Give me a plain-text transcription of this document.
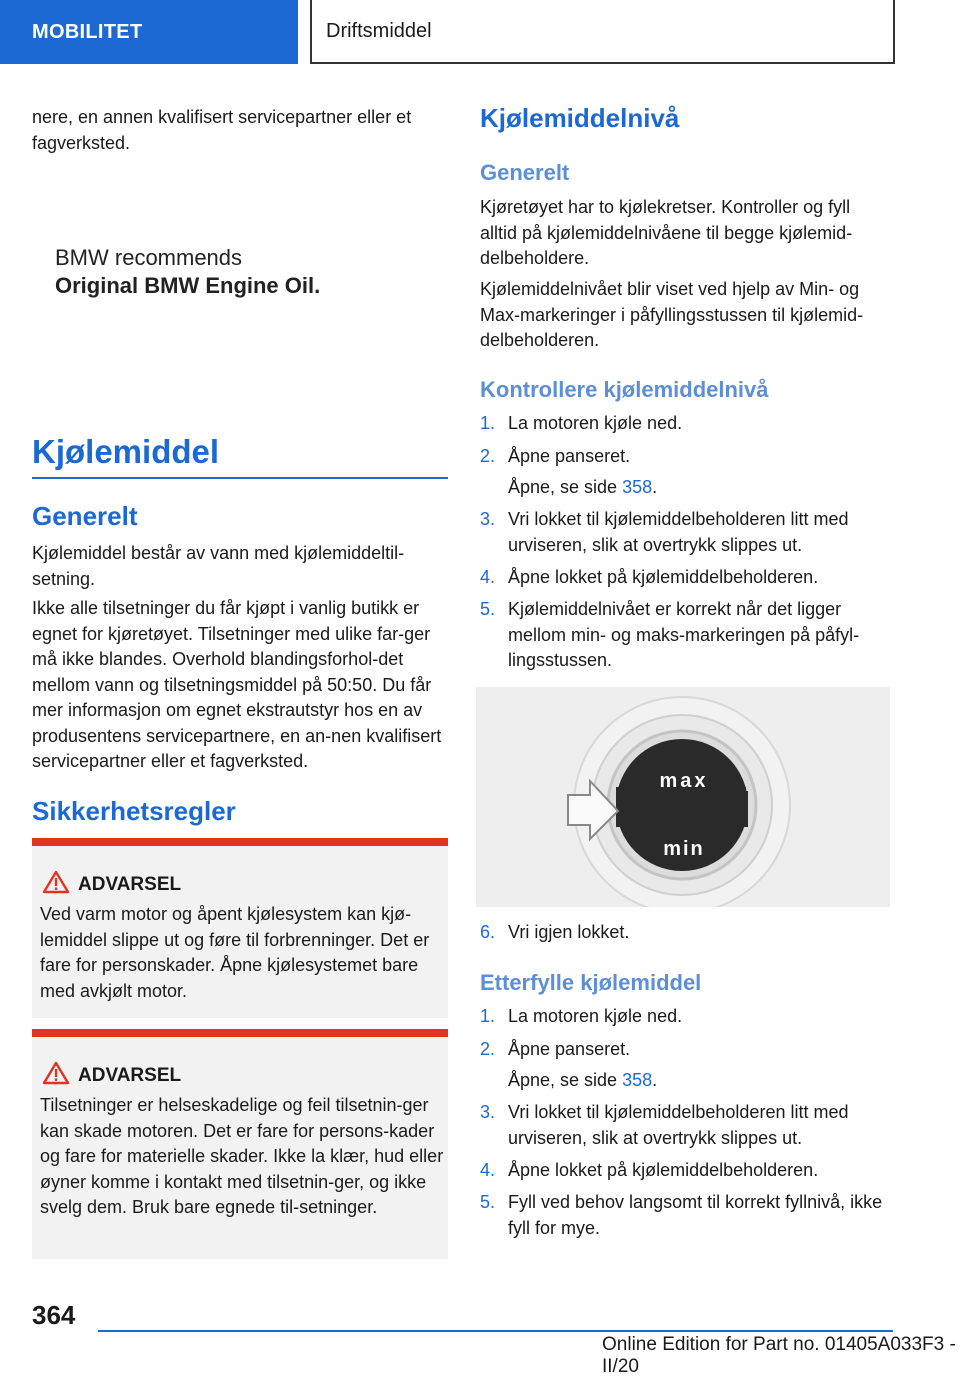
MOBILITET	Driftsmiddel

nere, en annen kvalifisert servicepartner eller et fagverksted.

BMW recommends
Original BMW Engine Oil.
Kjølemiddel
Generelt

Kjølemiddel består av vann med kjølemiddeltil-setning.

Ikke alle tilsetninger du får kjøpt i vanlig butikk er egnet for kjøretøyet. Tilsetninger med ulike far-ger må ikke blandes. Overhold blandingsforhol-det mellom vann og tilsetningsmiddel på 50:50. Du får mer informasjon om egnet ekstrautstyr hos en av produsentens servicepartnere, en an-nen kvalifisert servicepartner eller et fagverksted.

Sikkerhetsregler
ADVARSEL
Ved varm motor og åpent kjølesystem kan kjø-lemiddel slippe ut og føre til forbrenninger. Det er fare for personskader. Åpne kjølesystemet bare med avkjølt motor.
ADVARSEL
Tilsetninger er helseskadelige og feil tilsetnin-ger kan skade motoren. Det er fare for persons-kader og fare for materielle skader. Ikke la klær, hud eller øyner komme i kontakt med tilsetnin-ger, og ikke svelg dem. Bruk bare egnede til-setninger.
Kjølemiddelnivå
Generelt

Kjøretøyet har to kjølekretser. Kontroller og fyll alltid på kjølemiddelnivåene til begge kjølemid-delbeholdere.

Kjølemiddelnivået blir viset ved hjelp av Min- og Max-markeringer i påfyllingsstussen til kjølemid-delbeholderen.

Kontrollere kjølemiddelnivå
1. La motoren kjøle ned.
2. Åpne panseret.
Åpne, se side 358.
3. Vri lokket til kjølemiddelbeholderen litt med urviseren, slik at overtrykk slippes ut.
4. Åpne lokket på kjølemiddelbeholderen.
5. Kjølemiddelnivået er korrekt når det ligger mellom min- og maks-markeringen på påfyl-lingsstussen.
max
min
6. Vri igjen lokket.
Etterfylle kjølemiddel
1. La motoren kjøle ned.
2. Åpne panseret.
Åpne, se side 358.
3. Vri lokket til kjølemiddelbeholderen litt med urviseren, slik at overtrykk slippes ut.
4. Åpne lokket på kjølemiddelbeholderen.
5. Fyll ved behov langsomt til korrekt fyllnivå, ikke fyll for mye.
364
Online Edition for Part no. 01405A033F3 - II/20
